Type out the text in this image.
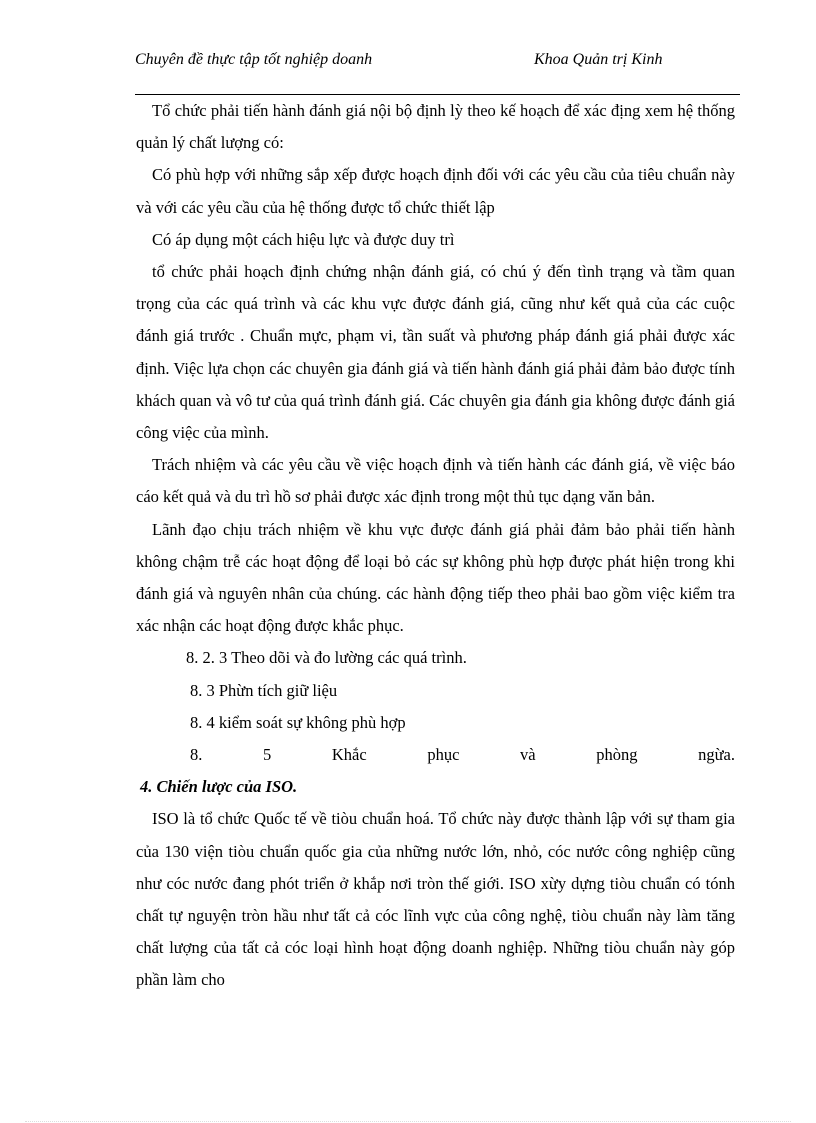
Chuyên đề thực tập tốt nghiệp doanh	Khoa Quản trị Kinh

Tổ chức phải tiến hành đánh giá nội bộ định lỳ theo kế hoạch để xác địng xem hệ thống quản lý chất lượng có:

Có phù hợp với những sắp xếp được hoạch định đối với các yêu cầu của tiêu chuẩn này và với các yêu cầu của hệ thống được tổ chức thiết lập

Có áp dụng một cách hiệu lực và được duy trì

tổ chức phải hoạch định chứng nhận đánh giá, có chú ý đến tình trạng và tầm quan trọng của các quá trình và các khu vực được đánh giá, cũng như kết quả của các cuộc đánh giá trước . Chuẩn mực, phạm vi, tần suất và phương pháp đánh giá phải được xác định. Việc lựa chọn các chuyên gia đánh giá và tiến hành đánh giá phải đảm bảo được tính khách quan và vô tư của quá trình đánh giá. Các chuyên gia đánh gia không được đánh giá công việc của mình.

Trách nhiệm và các yêu cầu về việc hoạch định và tiến hành các đánh giá, về việc báo cáo kết quả và du trì hồ sơ phải được xác định trong một thủ tục dạng văn bản.

Lãnh đạo chịu trách nhiệm về khu vực được đánh giá phải đảm bảo phải tiến hành không chậm trễ các hoạt động để loại bỏ các sự không phù hợp được phát hiện trong khi đánh giá và nguyên nhân của chúng. các hành động tiếp theo phải bao gồm việc kiểm tra xác nhận các hoạt động được khắc phục.

8. 2. 3 Theo dõi và đo lường các quá trình.

8. 3 Phừn tích giữ liệu

8. 4 kiểm soát sự không phù hợp

8. 5 Khắc phục và phòng ngừa.

4. Chiến lược của ISO.

ISO là tổ chức Quốc tế về tiòu chuẩn hoá. Tổ chức này được thành lập với sự tham gia của 130 viện tiòu chuẩn quốc gia của những nước lớn, nhỏ, cóc nước công nghiệp cũng như cóc nước đang phót triển ở khắp nơi tròn thế giới. ISO xừy dựng tiòu chuẩn có tónh chất tự nguyện tròn hầu như tất cả cóc lĩnh vực của công nghệ, tiòu chuẩn này làm tăng chất lượng của tất cả cóc loại hình hoạt động doanh nghiệp. Những tiòu chuẩn này góp phần làm cho
